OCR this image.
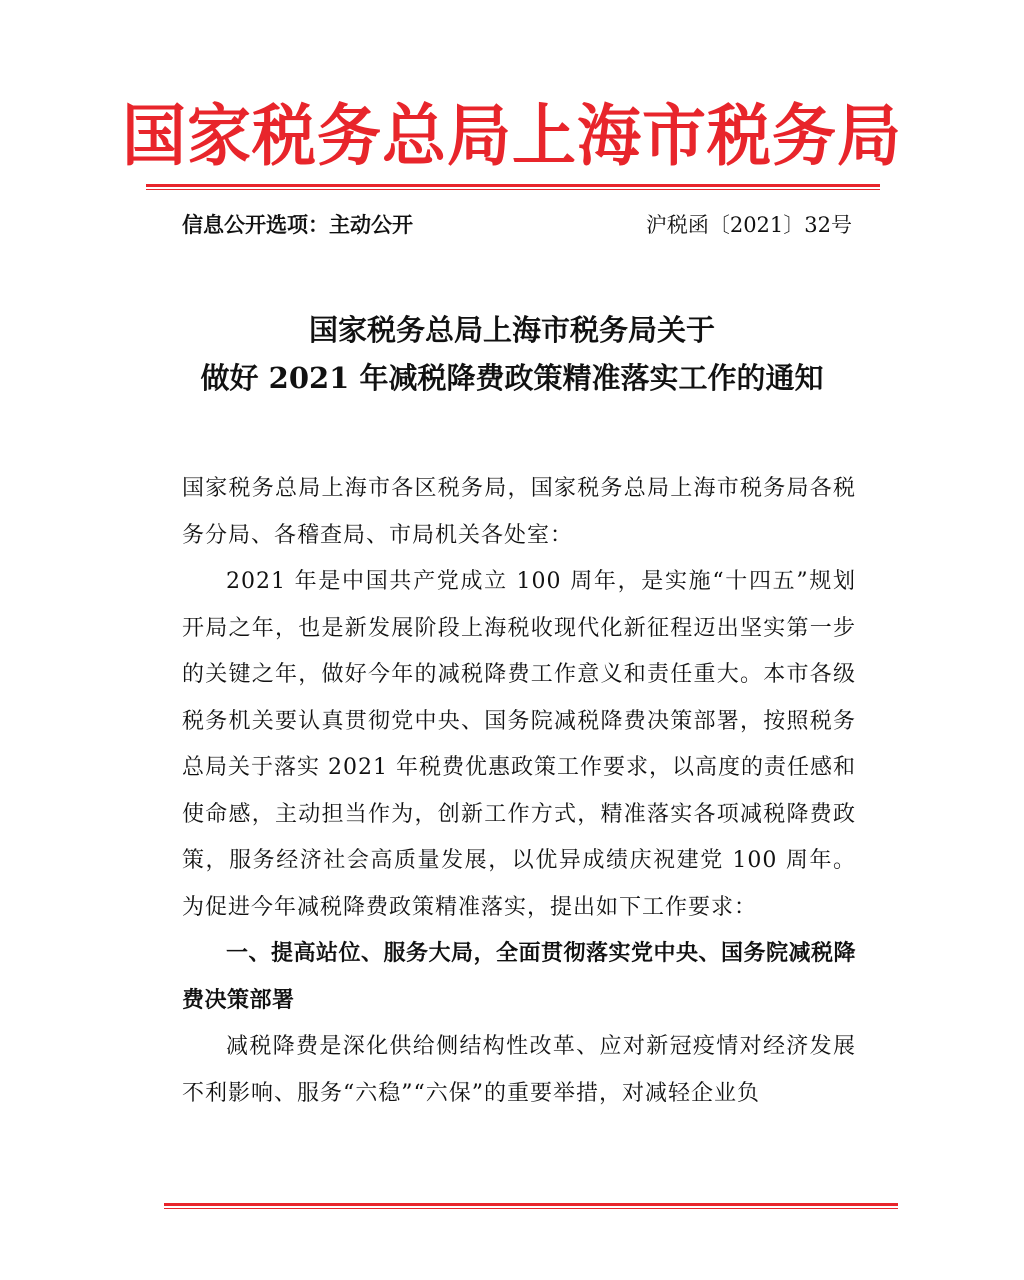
国家税务总局上海市税务局
信息公开选项：主动公开	沪税函〔2021〕32号
国家税务总局上海市税务局关于
做好 2021 年减税降费政策精准落实工作的通知

国家税务总局上海市各区税务局，国家税务总局上海市税务局各税务分局、各稽查局、市局机关各处室：

2021 年是中国共产党成立 100 周年，是实施“十四五”规划开局之年，也是新发展阶段上海税收现代化新征程迈出坚实第一步的关键之年，做好今年的减税降费工作意义和责任重大。本市各级税务机关要认真贯彻党中央、国务院减税降费决策部署，按照税务总局关于落实 2021 年税费优惠政策工作要求，以高度的责任感和使命感，主动担当作为，创新工作方式，精准落实各项减税降费政策，服务经济社会高质量发展，以优异成绩庆祝建党 100 周年。为促进今年减税降费政策精准落实，提出如下工作要求：

一、提高站位、服务大局，全面贯彻落实党中央、国务院减税降费决策部署

减税降费是深化供给侧结构性改革、应对新冠疫情对经济发展不利影响、服务“六稳”“六保”的重要举措，对减轻企业负
